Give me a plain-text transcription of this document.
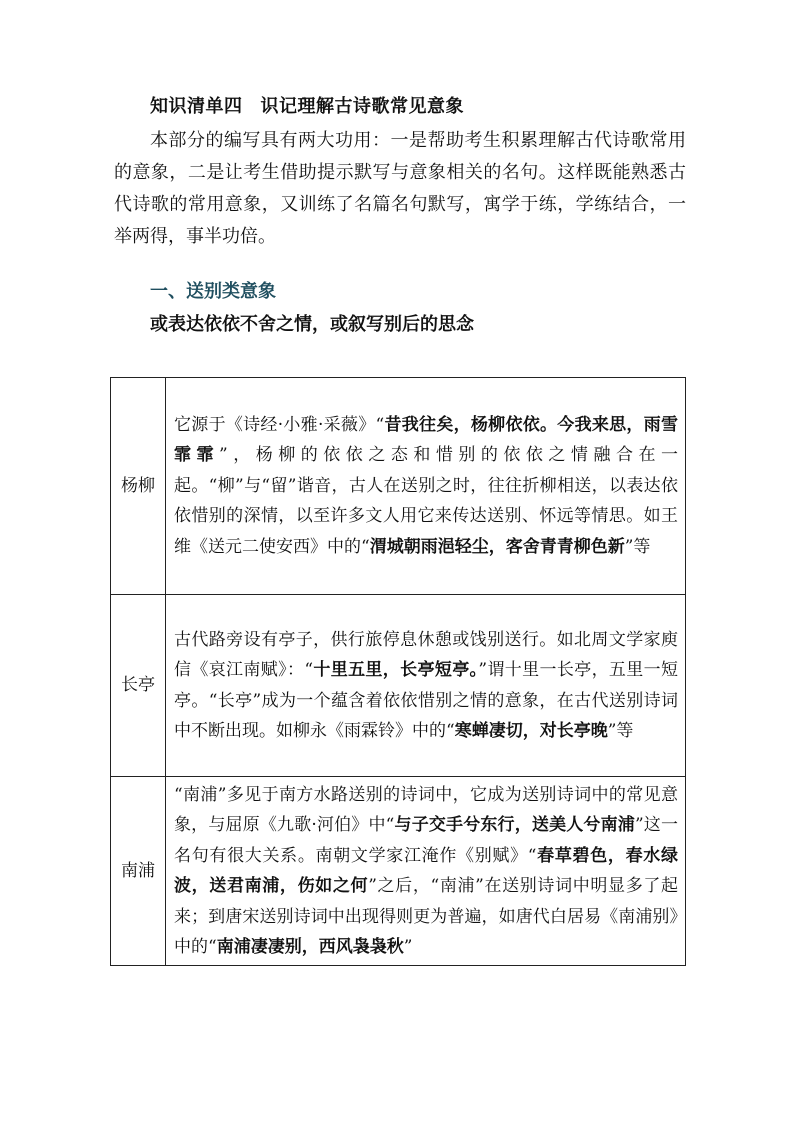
知识清单四 识记理解古诗歌常见意象

本部分的编写具有两大功用：一是帮助考生积累理解古代诗歌常用的意象，二是让考生借助提示默写与意象相关的名句。这样既能熟悉古代诗歌的常用意象，又训练了名篇名句默写，寓学于练，学练结合，一举两得，事半功倍。

一、送别类意象
或表达依依不舍之情，或叙写别后的思念
杨柳	它源于《诗经·小雅·采薇》“昔我往矣，杨柳依依。今我来思，雨雪霏霏”，杨柳的依依之态和惜别的依依之情融合在一起。“柳”与“留”谐音，古人在送别之时，往往折柳相送，以表达依依惜别的深情，以至许多文人用它来传达送别、怀远等情思。如王维《送元二使安西》中的“渭城朝雨浥轻尘，客舍青青柳色新”等

长亭	古代路旁设有亭子，供行旅停息休憩或饯别送行。如北周文学家庾信《哀江南赋》：“十里五里，长亭短亭。”谓十里一长亭，五里一短亭。“长亭”成为一个蕴含着依依惜别之情的意象，在古代送别诗词中不断出现。如柳永《雨霖铃》中的“寒蝉凄切，对长亭晚”等

南浦	“南浦”多见于南方水路送别的诗词中，它成为送别诗词中的常见意象，与屈原《九歌·河伯》中“与子交手兮东行，送美人兮南浦”这一名句有很大关系。南朝文学家江淹作《别赋》“春草碧色，春水绿波，送君南浦，伤如之何”之后，“南浦”在送别诗词中明显多了起来；到唐宋送别诗词中出现得则更为普遍，如唐代白居易《南浦别》中的“南浦凄凄别，西风袅袅秋”
